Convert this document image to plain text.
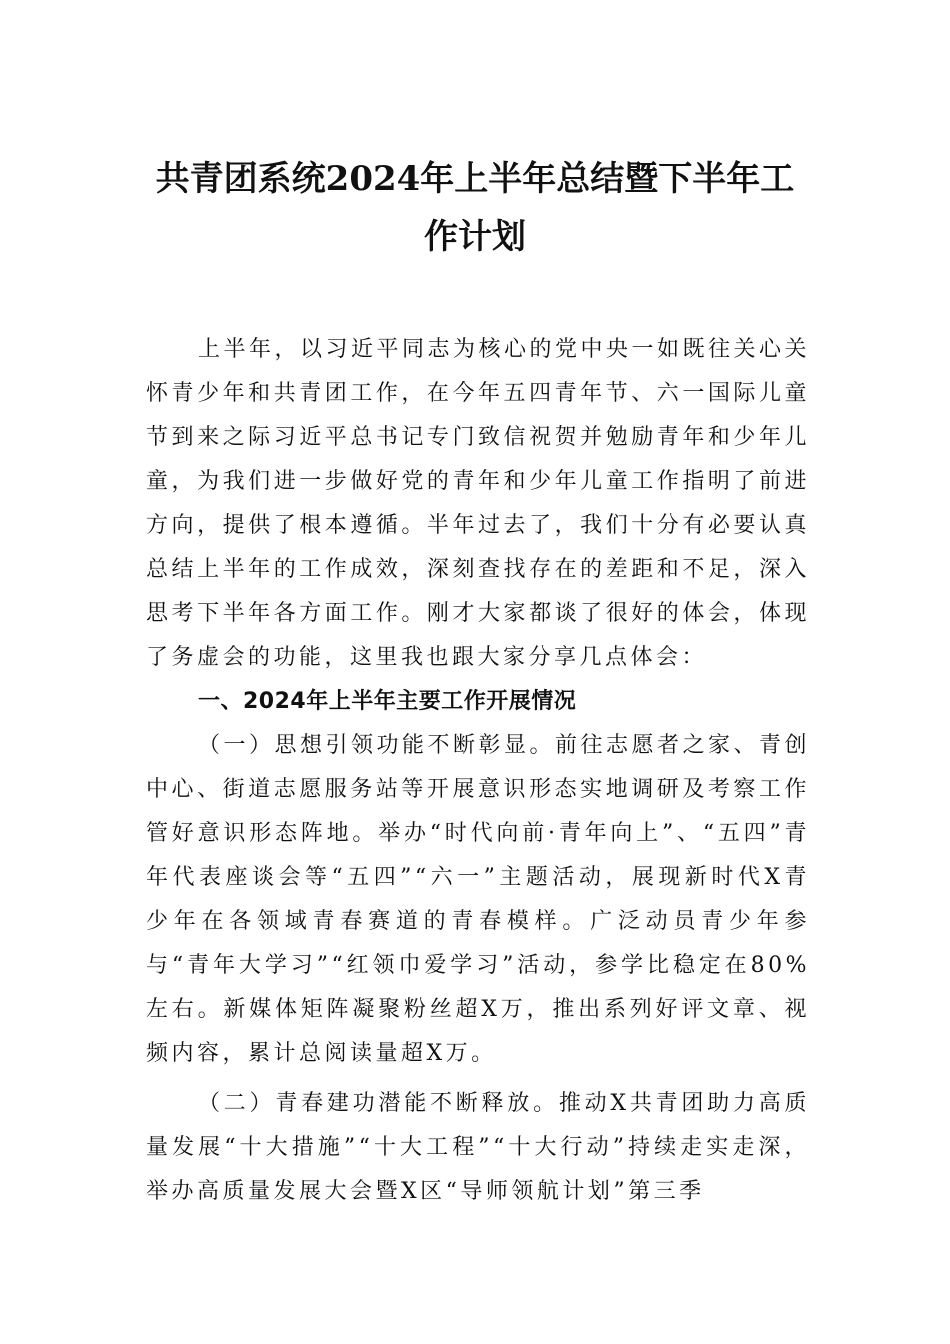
共青团系统2024年上半年总结暨下半年工
作计划

上半年，以习近平同志为核心的党中央一如既往关心关怀青少年和共青团工作，在今年五四青年节、六一国际儿童节到来之际习近平总书记专门致信祝贺并勉励青年和少年儿童，为我们进一步做好党的青年和少年儿童工作指明了前进方向，提供了根本遵循。半年过去了，我们十分有必要认真总结上半年的工作成效，深刻查找存在的差距和不足，深入思考下半年各方面工作。刚才大家都谈了很好的体会，体现了务虚会的功能，这里我也跟大家分享几点体会：

一、2024年上半年主要工作开展情况

（一）思想引领功能不断彰显。前往志愿者之家、青创中心、街道志愿服务站等开展意识形态实地调研及考察工作管好意识形态阵地。举办“时代向前·青年向上”、“五四”青年代表座谈会等“五四”“六一”主题活动，展现新时代X青少年在各领域青春赛道的青春模样。广泛动员青少年参与“青年大学习”“红领巾爱学习”活动，参学比稳定在80%左右。新媒体矩阵凝聚粉丝超X万，推出系列好评文章、视频内容，累计总阅读量超X万。

（二）青春建功潜能不断释放。推动X共青团助力高质量发展“十大措施”“十大工程”“十大行动”持续走实走深，举办高质量发展大会暨X区“导师领航计划”第三季
